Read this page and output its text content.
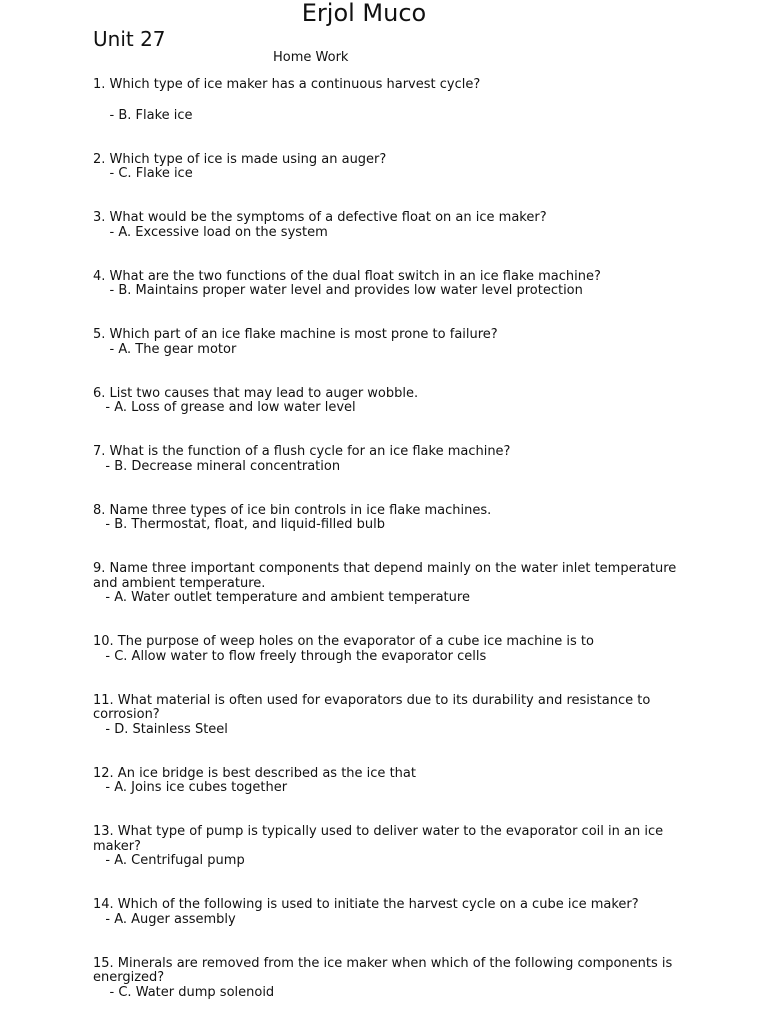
Erjol Muco
Unit 27
Home Work
1. Which type of ice maker has a continuous harvest cycle?
- B. Flake ice
2. Which type of ice is made using an auger?
- C. Flake ice
3. What would be the symptoms of a defective float on an ice maker?
- A. Excessive load on the system
4. What are the two functions of the dual float switch in an ice flake machine?
- B. Maintains proper water level and provides low water level protection
5. Which part of an ice flake machine is most prone to failure?
- A. The gear motor
6. List two causes that may lead to auger wobble.
- A. Loss of grease and low water level
7. What is the function of a flush cycle for an ice flake machine?
- B. Decrease mineral concentration
8. Name three types of ice bin controls in ice flake machines.
- B. Thermostat, float, and liquid-filled bulb
9. Name three important components that depend mainly on the water inlet temperature and ambient temperature.
- A. Water outlet temperature and ambient temperature
10. The purpose of weep holes on the evaporator of a cube ice machine is to
- C. Allow water to flow freely through the evaporator cells
11. What material is often used for evaporators due to its durability and resistance to corrosion?
- D. Stainless Steel
12. An ice bridge is best described as the ice that
- A. Joins ice cubes together
13. What type of pump is typically used to deliver water to the evaporator coil in an ice maker?
- A. Centrifugal pump
14. Which of the following is used to initiate the harvest cycle on a cube ice maker?
- A. Auger assembly
15. Minerals are removed from the ice maker when which of the following components is energized?
- C. Water dump solenoid
